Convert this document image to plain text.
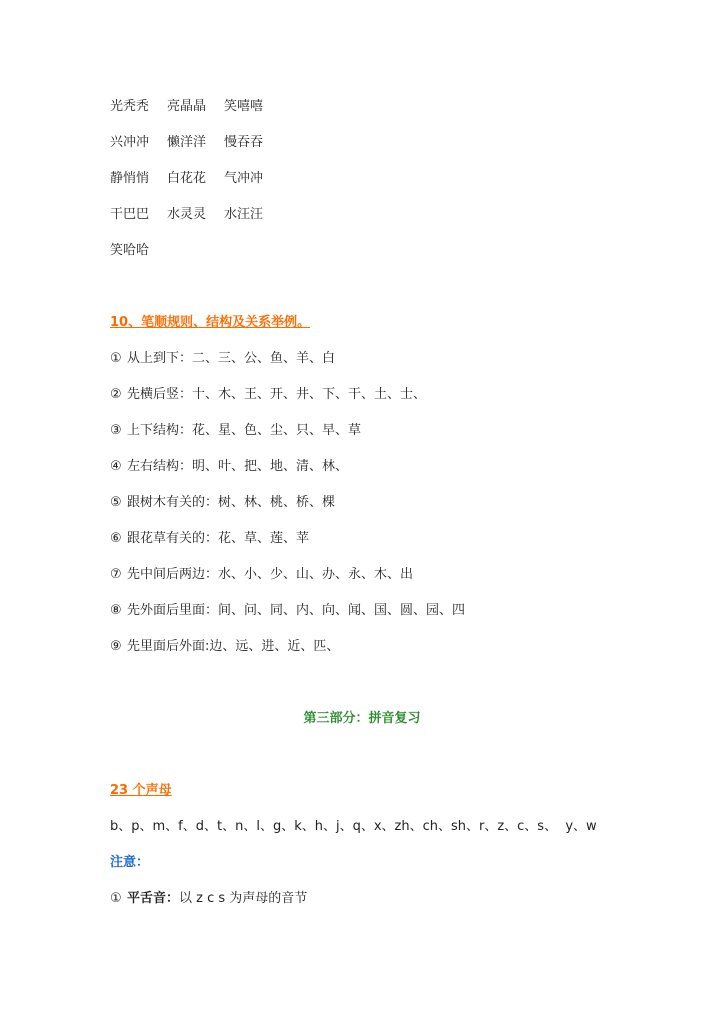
光秃秃 亮晶晶 笑嘻嘻
兴冲冲 懒洋洋 慢吞吞
静悄悄 白花花 气冲冲
干巴巴 水灵灵 水汪汪
笑哈哈
10、笔顺规则、结构及关系举例。
① 从上到下：二、三、公、鱼、羊、白
② 先横后竖：十、木、王、开、井、下、干、土、士、
③ 上下结构：花、星、色、尘、只、早、草
④ 左右结构：明、叶、把、地、清、林、
⑤ 跟树木有关的：树、林、桃、桥、棵
⑥ 跟花草有关的：花、草、莲、苹
⑦ 先中间后两边：水、小、少、山、办、永、木、出
⑧ 先外面后里面：间、问、同、内、向、闻、国、圆、园、四
⑨ 先里面后外面:边、远、进、近、匹、
第三部分：拼音复习
23 个声母
b、p、m、f、d、t、n、l、g、k、h、j、q、x、zh、ch、sh、r、z、c、s、  y、w
注意：
① 平舌音：以 z c s 为声母的音节
